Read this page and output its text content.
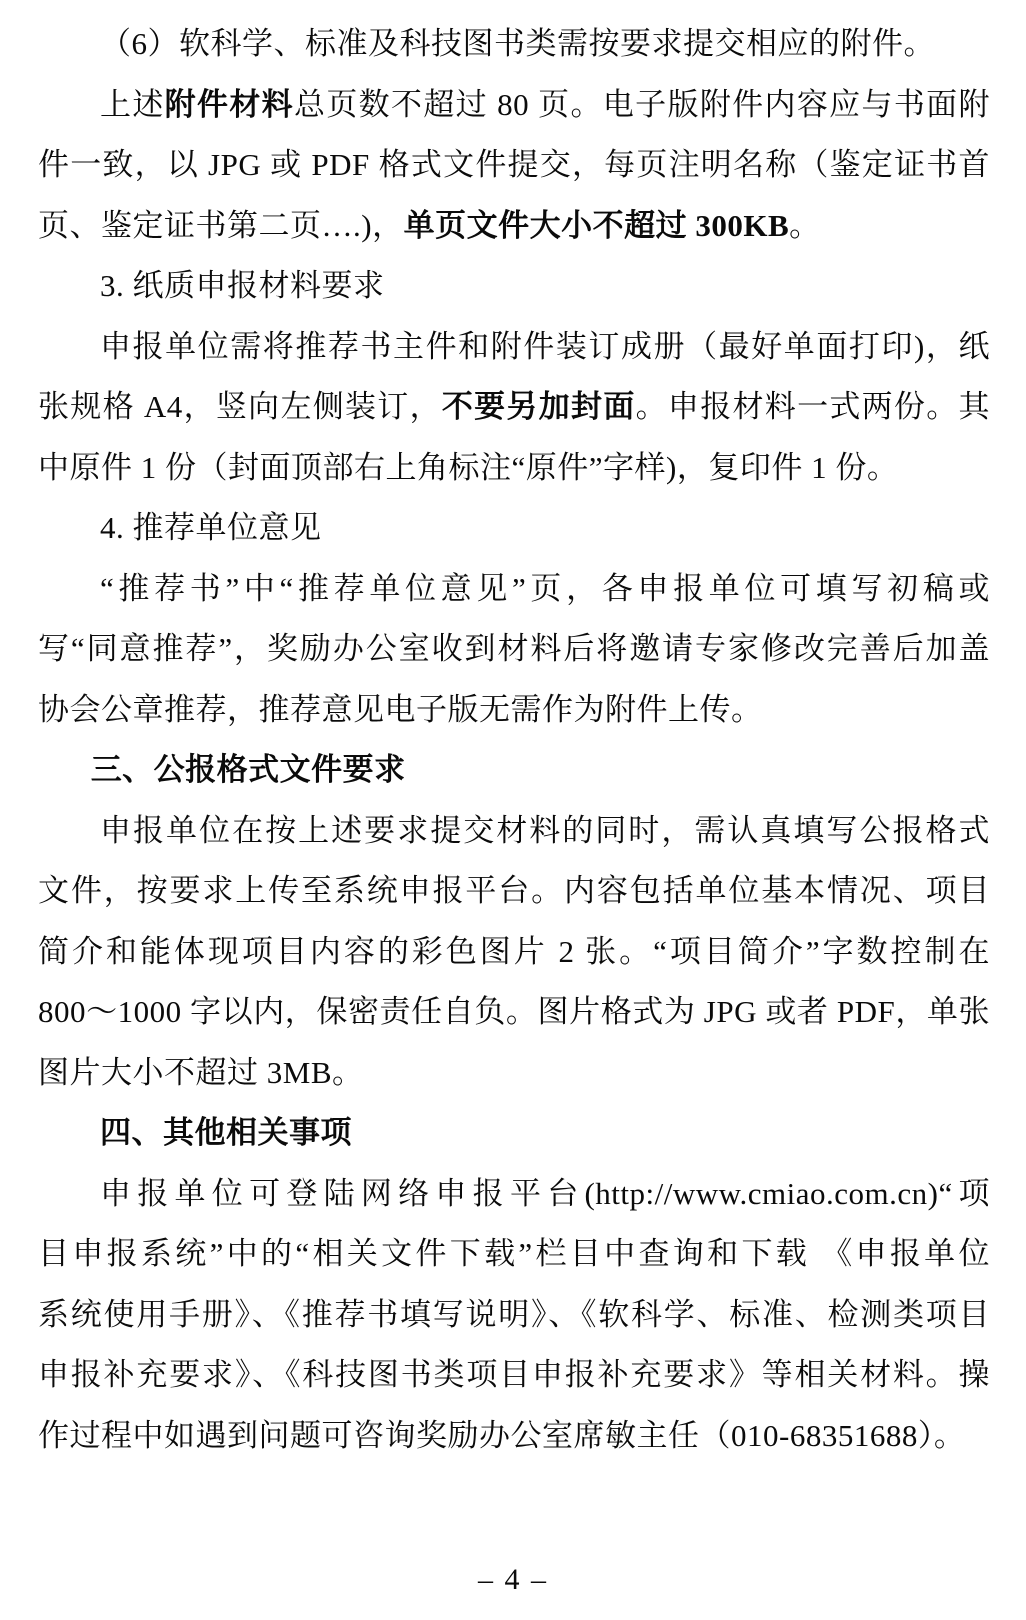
（6）软科学、标准及科技图书类需按要求提交相应的附件。
上述附件材料总页数不超过 80 页。电子版附件内容应与书面附
件一致，以 JPG 或 PDF 格式文件提交，每页注明名称（鉴定证书首
页、鉴定证书第二页….)，单页文件大小不超过 300KB。
3. 纸质申报材料要求
申报单位需将推荐书主件和附件装订成册（最好单面打印)，纸
张规格 A4，竖向左侧装订，不要另加封面。申报材料一式两份。其
中原件 1 份（封面顶部右上角标注“原件”字样)，复印件 1 份。
4. 推荐单位意见
“推荐书”中“推荐单位意见”页，各申报单位可填写初稿或
写“同意推荐”，奖励办公室收到材料后将邀请专家修改完善后加盖
协会公章推荐，推荐意见电子版无需作为附件上传。
三、公报格式文件要求
申报单位在按上述要求提交材料的同时，需认真填写公报格式
文件，按要求上传至系统申报平台。内容包括单位基本情况、项目
简介和能体现项目内容的彩色图片 2 张。“项目简介”字数控制在
800～1000 字以内，保密责任自负。图片格式为 JPG 或者 PDF，单张
图片大小不超过 3MB。
四、其他相关事项
申报单位可登陆网络申报平台(http://www.cmiao.com.cn)“项
目申报系统”中的“相关文件下载”栏目中查询和下载 《申报单位
系统使用手册》、《推荐书填写说明》、《软科学、标准、检测类项目
申报补充要求》、《科技图书类项目申报补充要求》等相关材料。操
作过程中如遇到问题可咨询奖励办公室席敏主任（010-68351688）。
– 4 –
